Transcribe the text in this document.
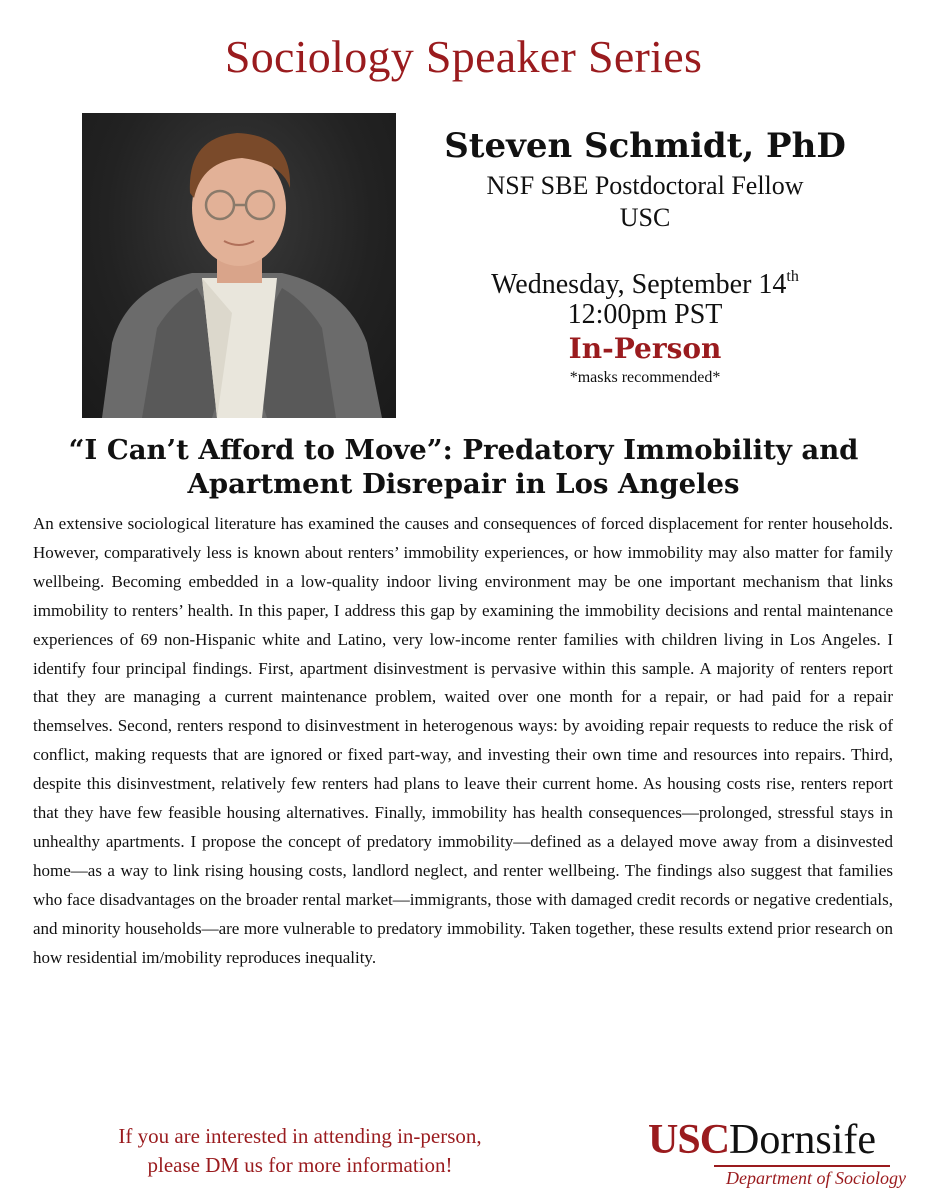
Sociology Speaker Series
Steven Schmidt, PhD
NSF SBE Postdoctoral Fellow
USC
Wednesday, September 14th
12:00pm PST
In-Person
*masks recommended*
“I Can’t Afford to Move”: Predatory Immobility and Apartment Disrepair in Los Angeles
An extensive sociological literature has examined the causes and consequences of forced displacement for renter households. However, comparatively less is known about renters’ immobility experiences, or how immobility may also matter for family wellbeing. Becoming embedded in a low-quality indoor living environment may be one important mechanism that links immobility to renters’ health. In this paper, I address this gap by examining the immobility decisions and rental maintenance experiences of 69 non-Hispanic white and Latino, very low-income renter families with children living in Los Angeles. I identify four principal findings. First, apartment disinvestment is pervasive within this sample. A majority of renters report that they are managing a current maintenance problem, waited over one month for a repair, or had paid for a repair themselves. Second, renters respond to disinvestment in heterogenous ways: by avoiding repair requests to reduce the risk of conflict, making requests that are ignored or fixed part-way, and investing their own time and resources into repairs. Third, despite this disinvestment, relatively few renters had plans to leave their current home. As housing costs rise, renters report that they have few feasible housing alternatives. Finally, immobility has health consequences—prolonged, stressful stays in unhealthy apartments. I propose the concept of predatory immobility—defined as a delayed move away from a disinvested home—as a way to link rising housing costs, landlord neglect, and renter wellbeing. The findings also suggest that families who face disadvantages on the broader rental market—immigrants, those with damaged credit records or negative credentials, and minority households—are more vulnerable to predatory immobility. Taken together, these results extend prior research on how residential im/mobility reproduces inequality.
If you are interested in attending in-person,
please DM us for more information!
USCDornsife
Department of Sociology
